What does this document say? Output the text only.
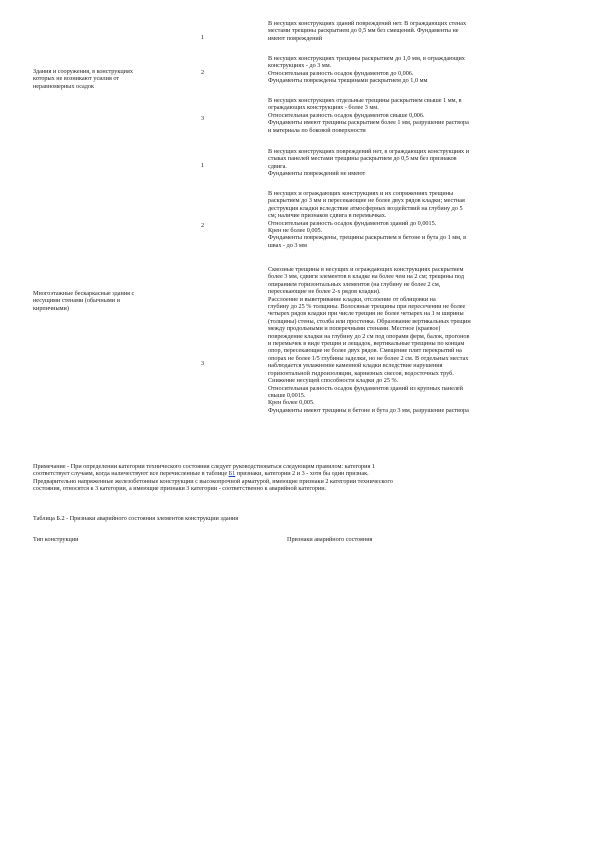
Здания и сооружения, в конструкциях
которых не возникают усилия от
неравномерных осадок
1
В несущих конструкциях зданий повреждений нет. В ограждающих стенах
местами трещины раскрытием до 0,5 мм без смещений. Фундаменты не
имеют повреждений
2
В несущих конструкциях трещины раскрытием до 1,0 мм, в ограждающих
конструкциях - до 3 мм.
Относительная разность осадок фундаментов до 0,006.
Фундаменты повреждены трещинами раскрытием до 1,0 мм
3
В несущих конструкциях отдельные трещины раскрытием свыше 1 мм, в
ограждающих конструкциях - более 3 мм.
Относительная разность осадок фундаментов свыше 0,006.
Фундаменты имеют трещины раскрытием более 1 мм, разрушение раствора
и материала по боковой поверхности
Многоэтажные бескаркасные здания с
несущими стенами (обычными и
кирпичными)
1
В несущих конструкциях повреждений нет, в ограждающих конструкциях и
стыках панелей местами трещины раскрытием до 0,5 мм без признаков
сдвига.
Фундаменты повреждений не имеют
2
В несущих и ограждающих конструкциях и их сопряжениях трещины
раскрытием до 3 мм и пересекающие не более двух рядов кладки; местная
деструкция кладки вследствие атмосферных воздействий на глубину до 5
см; наличие признаков сдвига в перемычках.
Относительная разность осадок фундаментов зданий до 0,0015.
Крен не более 0,005.
Фундаменты повреждены, трещины раскрытием в бетоне и бута до 1 мм, в
швах - до 3 мм
3
Сквозные трещины в несущих и ограждающих конструкциях раскрытием
более 3 мм, сдвиги элементов в кладке на более чем на 2 см; трещины под
опиранием горизонтальных элементов (на глубину не более 2 см,
пересекающие не более 2-х рядов кладки).
Расслоение и выветривание кладки, отслоение от облицовки на
глубину до 25 % толщины. Волосяные трещины при пересечении не более
четырех рядов кладки при числе трещин не более четырех на 1 м ширины
(толщины) стены, столба или простенка. Образование вертикальных трещин
между продольными и поперечными стенами. Местное (краевое)
повреждение кладки на глубину до 2 см под опорами ферм, балок, прогонов
и перемычек в виде трещин и лещадок, вертикальные трещины по концам
опор, пересекающие не более двух рядов. Смещение плит перекрытий на
опорах не более 1/5 глубины заделки, но не более 2 см. В отдельных местах
наблюдается увлажнение каменной кладки вследствие нарушения
горизонтальной гидроизоляции, карнизных свесов, водосточных труб.
Снижение несущей способности кладки до 25 %.
Относительная разность осадок фундаментов зданий из крупных панелей
свыше 0,0015.
Крен более 0,005.
Фундаменты имеют трещины в бетоне и бута до 3 мм, разрушение раствора
Примечание - При определении категории технического состояния следует руководствоваться следующим правилом: категория 1
соответствует случаям, когда наличествуют все перечисленные в таблице Б1 признаки, категории 2 и 3 - хотя бы один признак.
Предварительно напряженные железобетонные конструкции с высокопрочной арматурой, имеющие признаки 2 категории технического
состояния, относятся к 3 категории, а имеющие признаки 3 категории - соответственно к аварийной категории.
Таблица Б.2 - Признаки аварийного состояния элементов конструкции здания
Тип конструкции	Признаки аварийного состояния
